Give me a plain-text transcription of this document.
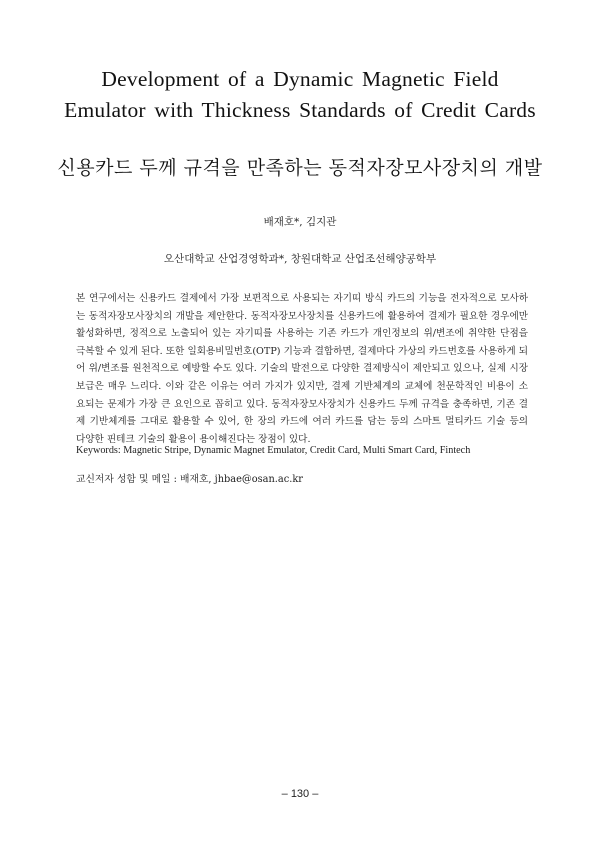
Development of a Dynamic Magnetic Field
Emulator with Thickness Standards of Credit Cards
신용카드 두께 규격을 만족하는 동적자장모사장치의 개발
배재호*, 김지관
오산대학교 산업경영학과*, 창원대학교 산업조선해양공학부
본 연구에서는 신용카드 결제에서 가장 보편적으로 사용되는 자기띠 방식 카드의 기능을 전자적으로 모사하
는 동적자장모사장치의 개발을 제안한다. 동적자장모사장치를 신용카드에 활용하여 결제가 필요한 경우에만
활성화하면, 정적으로 노출되어 있는 자기띠를 사용하는 기존 카드가 개인정보의 위/변조에 취약한 단점을
극복할 수 있게 된다. 또한 일회용비밀번호(OTP) 기능과 결합하면, 결제마다 가상의 카드번호를 사용하게 되
어 위/변조를 원천적으로 예방할 수도 있다. 기술의 발전으로 다양한 결제방식이 제안되고 있으나, 실제 시장
보급은 매우 느리다. 이와 같은 이유는 여러 가지가 있지만, 결제 기반체계의 교체에 천문학적인 비용이 소
요되는 문제가 가장 큰 요인으로 꼽히고 있다. 동적자장모사장치가 신용카드 두께 규격을 충족하면, 기존 결
제 기반체계를 그대로 활용할 수 있어, 한 장의 카드에 여러 카드를 담는 등의 스마트 멀티카드 기술 등의
다양한 핀테크 기술의 활용이 용이해진다는 장점이 있다.
Keywords: Magnetic Stripe, Dynamic Magnet Emulator, Credit Card, Multi Smart Card, Fintech
교신저자 성함 및 메일 : 배재호, jhbae@osan.ac.kr
– 130 –
